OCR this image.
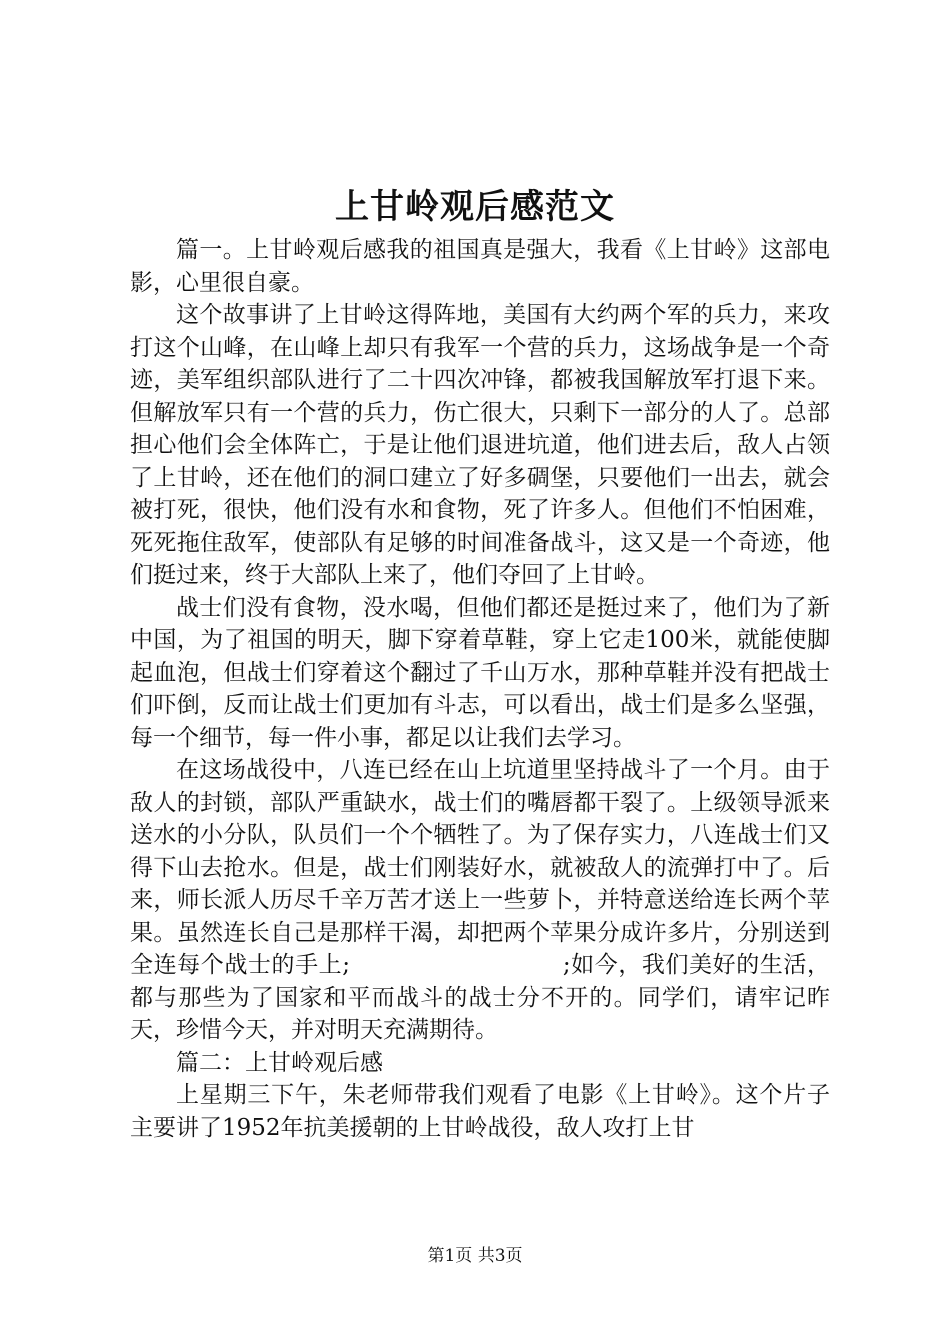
上甘岭观后感范文

篇一。上甘岭观后感我的祖国真是强大，我看《上甘岭》这部电影，心里很自豪。

这个故事讲了上甘岭这得阵地，美国有大约两个军的兵力，来攻打这个山峰，在山峰上却只有我军一个营的兵力，这场战争是一个奇迹，美军组织部队进行了二十四次冲锋，都被我国解放军打退下来。但解放军只有一个营的兵力，伤亡很大，只剩下一部分的人了。总部担心他们会全体阵亡，于是让他们退进坑道，他们进去后，敌人占领了上甘岭，还在他们的洞口建立了好多碉堡，只要他们一出去，就会被打死，很快，他们没有水和食物，死了许多人。但他们不怕困难，死死拖住敌军，使部队有足够的时间准备战斗，这又是一个奇迹，他们挺过来，终于大部队上来了，他们夺回了上甘岭。

战士们没有食物，没水喝，但他们都还是挺过来了，他们为了新中国，为了祖国的明天，脚下穿着草鞋，穿上它走100米，就能使脚起血泡，但战士们穿着这个翻过了千山万水，那种草鞋并没有把战士们吓倒，反而让战士们更加有斗志，可以看出，战士们是多么坚强，每一个细节，每一件小事，都足以让我们去学习。

在这场战役中，八连已经在山上坑道里坚持战斗了一个月。由于敌人的封锁，部队严重缺水，战士们的嘴唇都干裂了。上级领导派来送水的小分队，队员们一个个牺牲了。为了保存实力，八连战士们又得下山去抢水。但是，战士们刚装好水，就被敌人的流弹打中了。后来，师长派人历尽千辛万苦才送上一些萝卜，并特意送给连长两个苹果。虽然连长自己是那样干渴，却把两个苹果分成许多片，分别送到全连每个战士的手上;　　　　　　　　　;如今，我们美好的生活，都与那些为了国家和平而战斗的战士分不开的。同学们，请牢记昨天，珍惜今天，并对明天充满期待。

篇二：上甘岭观后感

上星期三下午，朱老师带我们观看了电影《上甘岭》。这个片子主要讲了1952年抗美援朝的上甘岭战役，敌人攻打上甘

第1页 共3页
